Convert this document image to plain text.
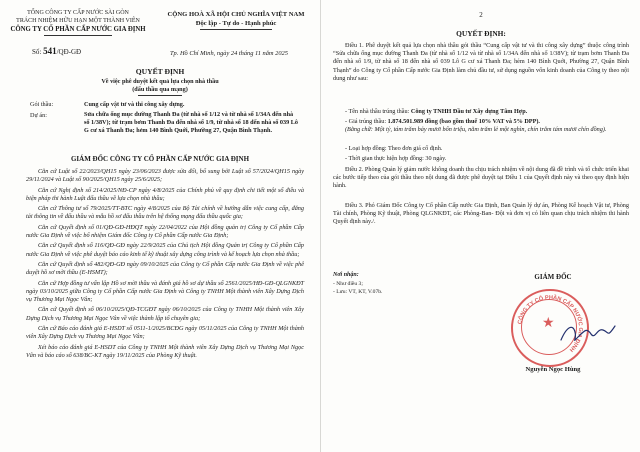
TỔNG CÔNG TY CẤP NƯỚC SÀI GÒN
TRÁCH NHIỆM HỮU HẠN MỘT THÀNH VIÊN
CÔNG TY CỔ PHẦN CẤP NƯỚC GIA ĐỊNH
CỘNG HOÀ XÃ HỘI CHỦ NGHĨA VIỆT NAM
Độc lập - Tự do - Hạnh phúc
Số: 541/QĐ-GĐ	Tp. Hồ Chí Minh, ngày 24 tháng 11 năm 2025
QUYẾT ĐỊNH
Về việc phê duyệt kết quả lựa chọn nhà thầu
(đấu thầu qua mạng)
Gói thầu:	Cung cấp vật tư và thi công xây dựng.
Dự án:	Sửa chữa ống mục đường Thanh Đa (từ nhà số 1/12 và từ nhà số 1/34A đến nhà số 1/38V); từ trạm bơm Thanh Đa đến nhà số 1/9, từ nhà số 18 đến nhà số 039 Lô G cư xá Thanh Đa; hẻm 140 Bình Quới, Phường 27, Quận Bình Thạnh.
GIÁM ĐỐC CÔNG TY CỔ PHẦN CẤP NƯỚC GIA ĐỊNH

Căn cứ Luật số 22/2023/QH15 ngày 23/06/2023 được sửa đổi, bổ sung bởi Luật số 57/2024/QH15 ngày 29/11/2024 và Luật số 90/2025/QH15 ngày 25/6/2025;

Căn cứ Nghị định số 214/2025/NĐ-CP ngày 4/8/2025 của Chính phủ về quy định chi tiết một số điều và biện pháp thi hành Luật đấu thầu về lựa chọn nhà thầu;

Căn cứ Thông tư số 79/2025/TT-BTC ngày 4/8/2025 của Bộ Tài chính về hướng dẫn việc cung cấp, đăng tải thông tin về đấu thầu và mẫu hồ sơ đấu thầu trên hệ thống mạng đấu thầu quốc gia;

Căn cứ Quyết định số 01/QĐ-GĐ-HĐQT ngày 22/04/2022 của Hội đồng quản trị Công ty Cổ phần Cấp nước Gia Định về việc bổ nhiệm Giám đốc Công ty Cổ phần Cấp nước Gia Định;

Căn cứ Quyết định số 116/QĐ-GĐ ngày 22/9/2025 của Chủ tịch Hội đồng Quản trị Công ty Cổ phần Cấp nước Gia Định về việc phê duyệt báo cáo kinh tế kỹ thuật xây dựng công trình và kế hoạch lựa chọn nhà thầu;

Căn cứ Quyết định số 482/QĐ-GĐ ngày 09/10/2025 của Công ty Cổ phần Cấp nước Gia Định về việc phê duyệt hồ sơ mời thầu (E-HSMT);

Căn cứ Hợp đồng tư vấn lập Hồ sơ mời thầu và đánh giá hồ sơ dự thầu số 2561/2025/HĐ-GĐ-QLGNKĐT ngày 03/10/2025 giữa Công ty Cổ phần Cấp nước Gia Định và Công ty TNHH Một thành viên Xây Dựng Dịch vụ Thương Mại Ngọc Vân;

Căn cứ Quyết định số 06/10/2025/QĐ-TCGĐT ngày 06/10/2025 của Công ty TNHH Một thành viên Xây Dựng Dịch vụ Thương Mại Ngọc Vân về việc thành lập tổ chuyên gia;

Căn cứ Báo cáo đánh giá E-HSDT số 0511-1/2025/BCĐG ngày 05/11/2025 của Công ty TNHH Một thành viên Xây Dựng Dịch vụ Thương Mại Ngọc Vân;

Xét báo cáo đánh giá E-HSDT của Công ty TNHH Một thành viên Xây Dựng Dịch vụ Thương Mại Ngọc Vân và báo cáo số 638/BC-KT ngày 19/11/2025 của Phòng Kỹ thuật.

2
QUYẾT ĐỊNH:

Điều 1. Phê duyệt kết quả lựa chọn nhà thầu gói thầu “Cung cấp vật tư và thi công xây dựng” thuộc công trình “Sửa chữa ống mục đường Thanh Đa (từ nhà số 1/12 và từ nhà số 1/34A đến nhà số 1/38V); từ trạm bơm Thanh Đa đến nhà số 1/9, từ nhà số 18 đến nhà số 039 Lô G cư xá Thanh Đa; hẻm 140 Bình Quới, Phường 27, Quận Bình Thạnh” do Công ty Cổ phần Cấp nước Gia Định làm chủ đầu tư, sử dụng nguồn vốn kinh doanh của Công ty theo nội dung như sau:

- Tên nhà thầu trúng thầu: Công ty TNHH Đầu tư Xây dựng Tâm Hợp.
- Giá trúng thầu: 1.874.501.989 đồng (bao gồm thuế 10% VAT và 5% DPP).
(Bằng chữ: Một tỷ, tám trăm bảy mươi bốn triệu, năm trăm lẻ một nghìn, chín trăm tám mươi chín đồng).
- Loại hợp đồng: Theo đơn giá cố định.
- Thời gian thực hiện hợp đồng: 30 ngày.

Điều 2. Phòng Quản lý giảm nước không doanh thu chịu trách nhiệm về nội dung đã đề trình và tổ chức triển khai các bước tiếp theo của gói thầu theo nội dung đã được phê duyệt tại Điều 1 của Quyết định này và theo quy định hiện hành.

Điều 3. Phó Giám Đốc Công ty Cổ phần Cấp nước Gia Định, Ban Quản lý dự án, Phòng Kế hoạch Vật tư, Phòng Tài chính, Phòng Kỹ thuật, Phòng QLGNKĐT, các Phòng-Ban- Đội và đơn vị có liên quan chịu trách nhiệm thi hành Quyết định này./.

Nơi nhận:
- Như điều 3;
- Lưu: VT, KT, V.07b.
GIÁM ĐỐC
★
CÔNG TY CỔ PHẦN CẤP NƯỚC GIA ĐỊNH
Nguyễn Ngọc Hùng
